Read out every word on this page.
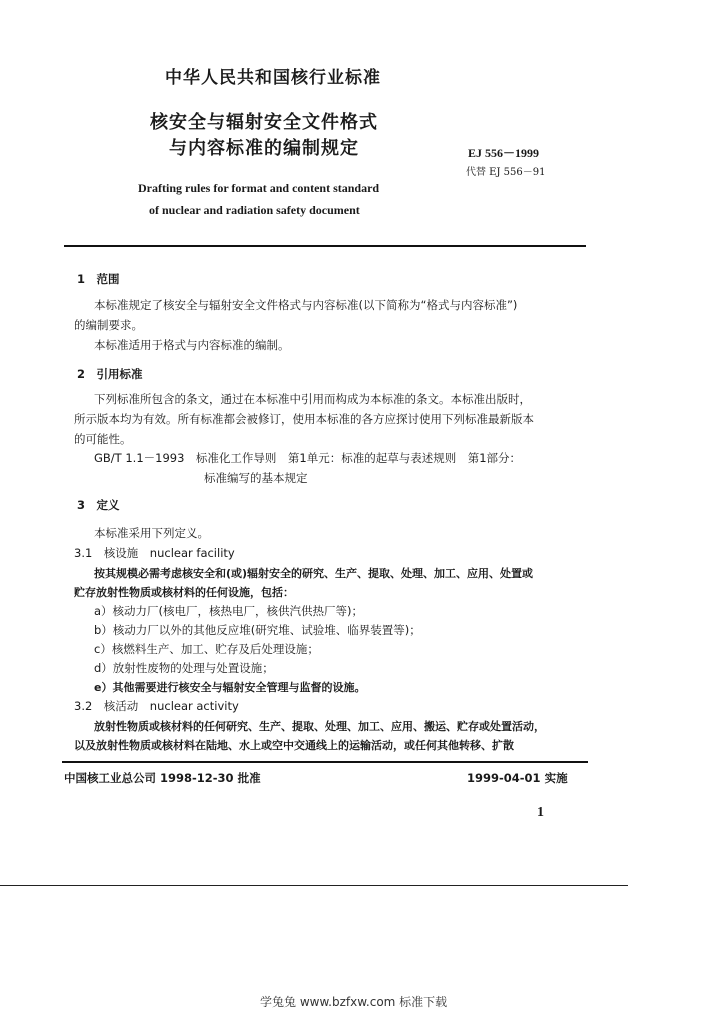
中华人民共和国核行业标准
核安全与辐射安全文件格式
与内容标准的编制规定	EJ 556－1999
代替 EJ 556－91
Drafting rules for format and content standard
of nuclear and radiation safety document
1　范围
本标准规定了核安全与辐射安全文件格式与内容标准(以下简称为“格式与内容标准”)
的编制要求。
本标准适用于格式与内容标准的编制。
2　引用标准
下列标准所包含的条文，通过在本标准中引用而构成为本标准的条文。本标准出版时，
所示版本均为有效。所有标准都会被修订，使用本标准的各方应探讨使用下列标准最新版本
的可能性。
GB/T 1.1－1993　标准化工作导则　第1单元：标准的起草与表述规则　第1部分：
标准编写的基本规定
3　定义
本标准采用下列定义。
3.1　核设施　nuclear facility
按其规模必需考虑核安全和(或)辐射安全的研究、生产、提取、处理、加工、应用、处置或
贮存放射性物质或核材料的任何设施，包括：
a）核动力厂(核电厂，核热电厂，核供汽供热厂等)；
b）核动力厂以外的其他反应堆(研究堆、试验堆、临界装置等)；
c）核燃料生产、加工、贮存及后处理设施；
d）放射性废物的处理与处置设施；
e）其他需要进行核安全与辐射安全管理与监督的设施。
3.2　核活动　nuclear activity
放射性物质或核材料的任何研究、生产、提取、处理、加工、应用、搬运、贮存或处置活动，
以及放射性物质或核材料在陆地、水上或空中交通线上的运输活动，或任何其他转移、扩散
中国核工业总公司 1998-12-30 批准	1999-04-01 实施
1
学兔兔 www.bzfxw.com 标准下载
